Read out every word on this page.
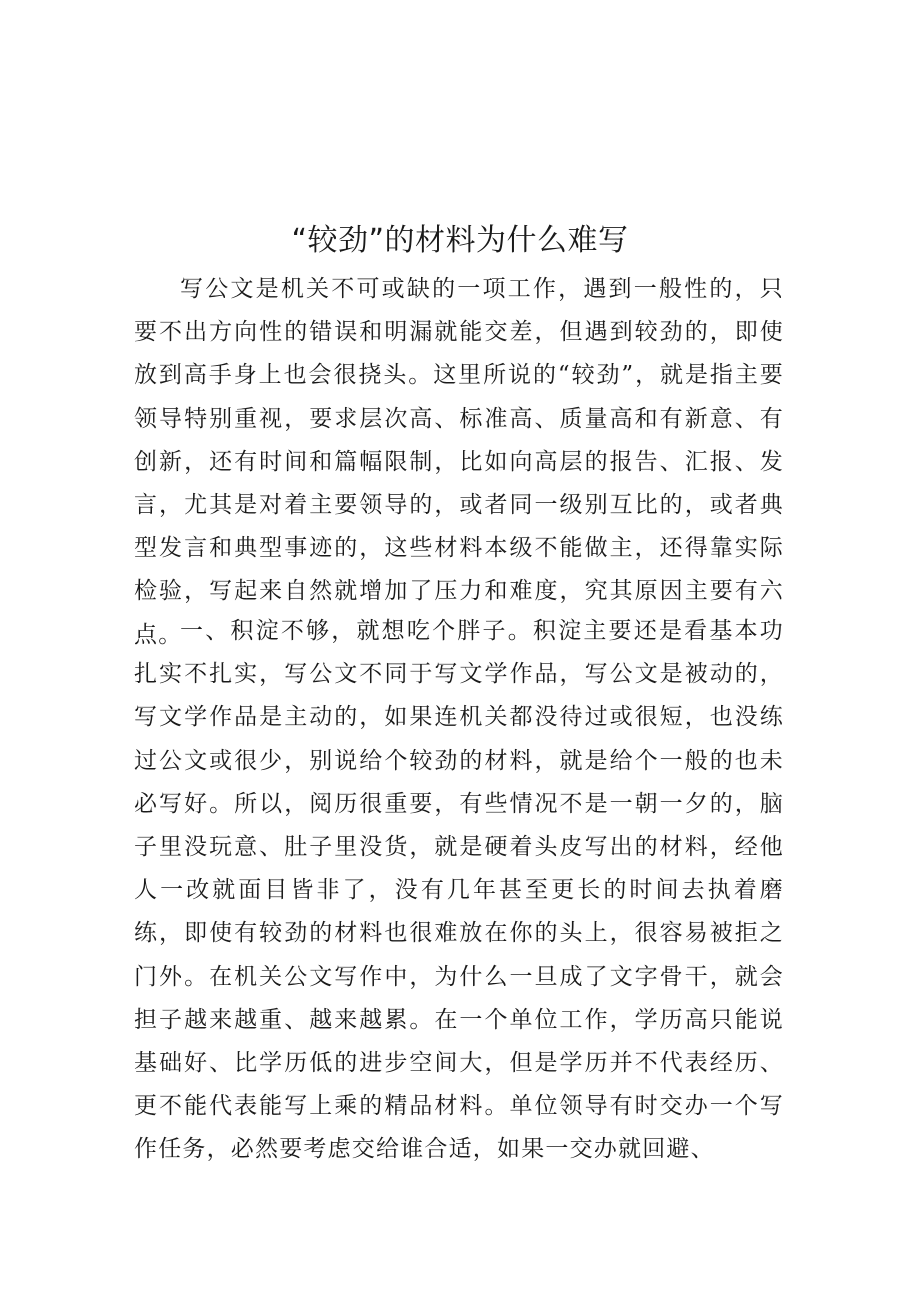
“较劲”的材料为什么难写
写公文是机关不可或缺的一项工作，遇到一般性的，只要不出方向性的错误和明漏就能交差，但遇到较劲的，即使放到高手身上也会很挠头。这里所说的“较劲”，就是指主要领导特别重视，要求层次高、标准高、质量高和有新意、有创新，还有时间和篇幅限制，比如向高层的报告、汇报、发言，尤其是对着主要领导的，或者同一级别互比的，或者典型发言和典型事迹的，这些材料本级不能做主，还得靠实际检验，写起来自然就增加了压力和难度，究其原因主要有六点。
一、积淀不够，就想吃个胖子。积淀主要还是看基本功扎实不扎实，写公文不同于写文学作品，写公文是被动的，写文学作品是主动的，如果连机关都没待过或很短，也没练过公文或很少，别说给个较劲的材料，就是给个一般的也未必写好。所以，阅历很重要，有些情况不是一朝一夕的，脑子里没玩意、肚子里没货，就是硬着头皮写出的材料，经他人一改就面目皆非了，没有几年甚至更长的时间去执着磨练，即使有较劲的材料也很难放在你的头上，很容易被拒之门外。在机关公文写作中，为什么一旦成了文字骨干，就会担子越来越重、越来越累。在一个单位工作，学历高只能说基础好、比学历低的进步空间大，但是学历并不代表经历、更不能代表能写上乘的精品材料。单位领导有时交办一个写作任务，必然要考虑交给谁合适，如果一交办就回避、
